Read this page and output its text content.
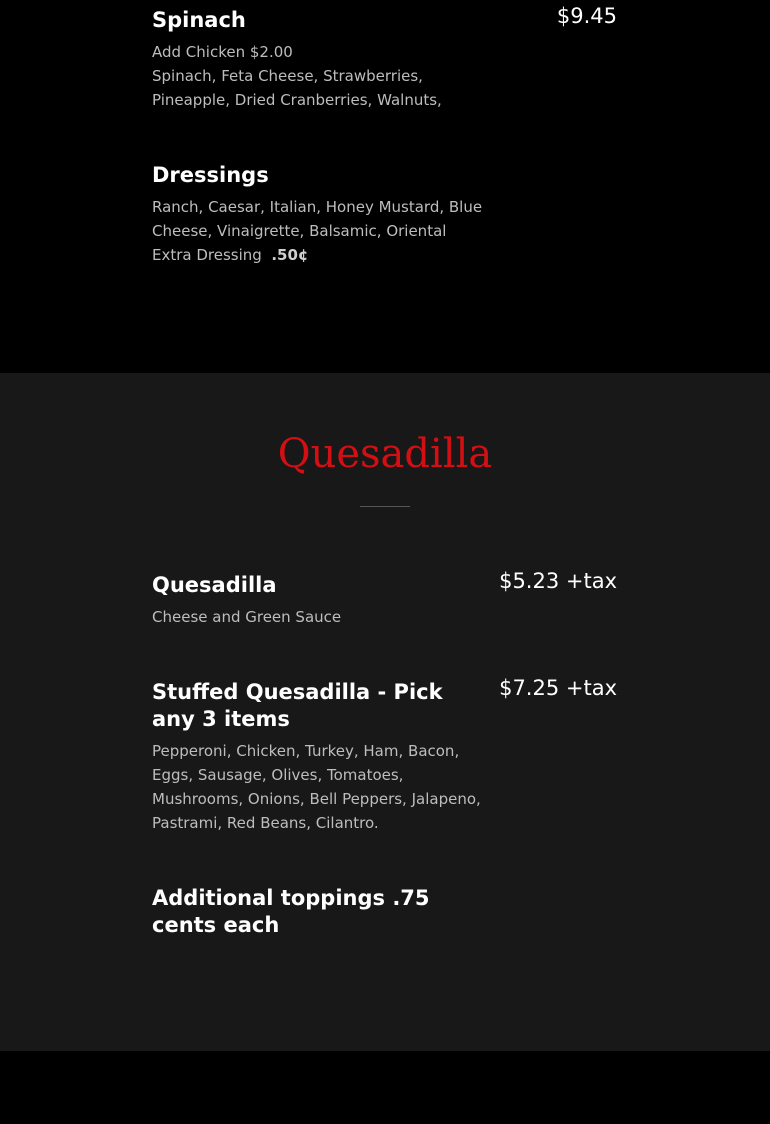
Spinach	$9.45
Add Chicken $2.00
Spinach, Feta Cheese, Strawberries, Pineapple, Dried Cranberries, Walnuts,
Dressings
Ranch, Caesar, Italian, Honey Mustard, Blue Cheese, Vinaigrette, Balsamic, Oriental
Extra Dressing .50¢
Quesadilla
Quesadilla	$5.23 +tax
Cheese and Green Sauce
Stuffed Quesadilla - Pick any 3 items
$7.25 +tax
Pepperoni, Chicken, Turkey, Ham, Bacon, Eggs, Sausage, Olives, Tomatoes, Mushrooms, Onions, Bell Peppers, Jalapeno, Pastrami, Red Beans, Cilantro.
Additional toppings .75 cents each
